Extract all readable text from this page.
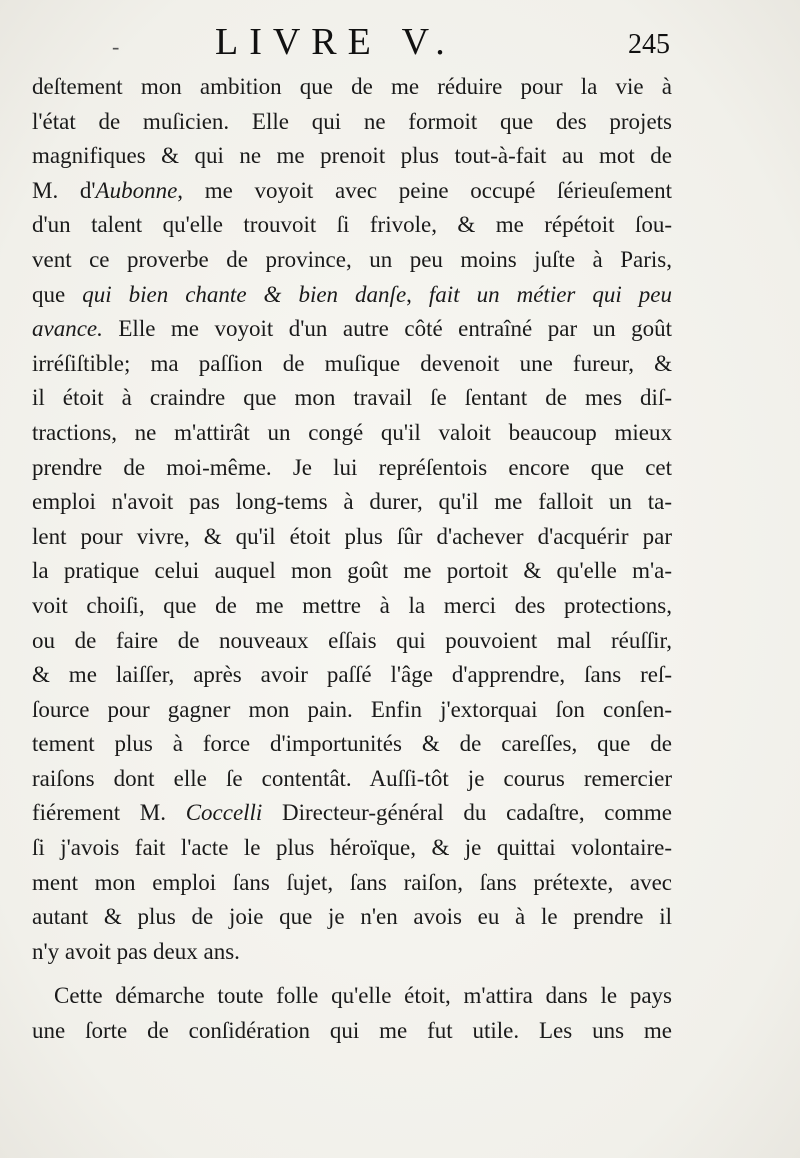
-	LIVRE V.	245
deſtement mon ambition que de me réduire pour la vie à
l'état de muſicien. Elle qui ne formoit que des projets
magnifiques & qui ne me prenoit plus tout-à-fait au mot de
M. d'Aubonne, me voyoit avec peine occupé ſérieuſement
d'un talent qu'elle trouvoit ſi frivole, & me répétoit ſou-
vent ce proverbe de province, un peu moins juſte à Paris,
que qui bien chante & bien danſe, fait un métier qui peu
avance. Elle me voyoit d'un autre côté entraîné par un goût
irréſiſtible; ma paſſion de muſique devenoit une fureur, &
il étoit à craindre que mon travail ſe ſentant de mes diſ-
tractions, ne m'attirât un congé qu'il valoit beaucoup mieux
prendre de moi-même. Je lui repréſentois encore que cet
emploi n'avoit pas long-tems à durer, qu'il me falloit un ta-
lent pour vivre, & qu'il étoit plus ſûr d'achever d'acquérir par
la pratique celui auquel mon goût me portoit & qu'elle m'a-
voit choiſi, que de me mettre à la merci des protections,
ou de faire de nouveaux eſſais qui pouvoient mal réuſſir,
& me laiſſer, après avoir paſſé l'âge d'apprendre, ſans reſ-
ſource pour gagner mon pain. Enfin j'extorquai ſon conſen-
tement plus à force d'importunités & de careſſes, que de
raiſons dont elle ſe contentât. Auſſi-tôt je courus remercier
fiérement M. Coccelli Directeur-général du cadaſtre, comme
ſi j'avois fait l'acte le plus héroïque, & je quittai volontaire-
ment mon emploi ſans ſujet, ſans raiſon, ſans prétexte, avec
autant & plus de joie que je n'en avois eu à le prendre il
n'y avoit pas deux ans.
Cette démarche toute folle qu'elle étoit, m'attira dans le pays
une ſorte de conſidération qui me fut utile. Les uns me
